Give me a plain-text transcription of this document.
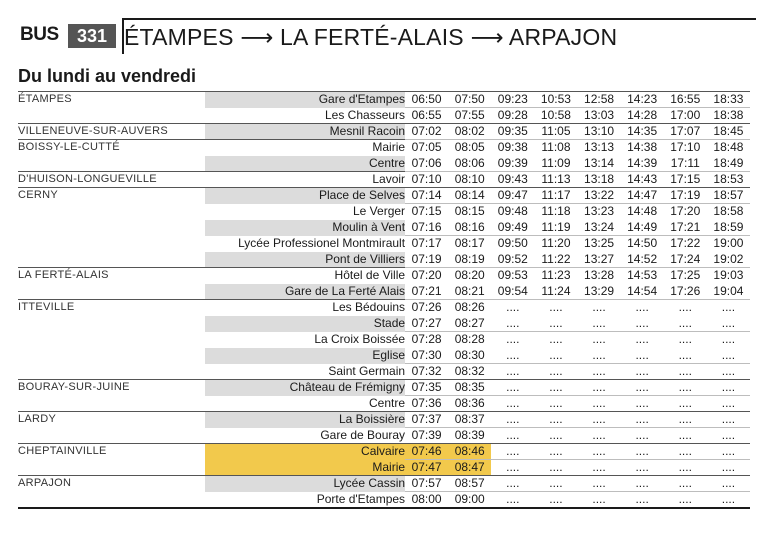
BUS	331 ÉTAMPES ⟶ LA FERTÉ-ALAIS ⟶ ARPAJON
Du lundi au vendredi
ÉTAMPES	Gare d'Etampes	06:50	07:50	09:23	10:53	12:58	14:23	16:55	18:33
	Les Chasseurs	06:55	07:55	09:28	10:58	13:03	14:28	17:00	18:38
VILLENEUVE-SUR-AUVERS	Mesnil Racoin	07:02	08:02	09:35	11:05	13:10	14:35	17:07	18:45
BOISSY-LE-CUTTÉ	Mairie	07:05	08:05	09:38	11:08	13:13	14:38	17:10	18:48
	Centre	07:06	08:06	09:39	11:09	13:14	14:39	17:11	18:49
D'HUISON-LONGUEVILLE	Lavoir	07:10	08:10	09:43	11:13	13:18	14:43	17:15	18:53
CERNY	Place de Selves	07:14	08:14	09:47	11:17	13:22	14:47	17:19	18:57
	Le Verger	07:15	08:15	09:48	11:18	13:23	14:48	17:20	18:58
	Moulin à Vent	07:16	08:16	09:49	11:19	13:24	14:49	17:21	18:59
	Lycée Professionel Montmirault	07:17	08:17	09:50	11:20	13:25	14:50	17:22	19:00
	Pont de Villiers	07:19	08:19	09:52	11:22	13:27	14:52	17:24	19:02
LA FERTÉ-ALAIS	Hôtel de Ville	07:20	08:20	09:53	11:23	13:28	14:53	17:25	19:03
	Gare de La Ferté Alais	07:21	08:21	09:54	11:24	13:29	14:54	17:26	19:04
ITTEVILLE	Les Bédouins	07:26	08:26	....	....	....	....	....	....
	Stade	07:27	08:27	....	....	....	....	....	....
	La Croix Boissée	07:28	08:28	....	....	....	....	....	....
	Eglise	07:30	08:30	....	....	....	....	....	....
	Saint Germain	07:32	08:32	....	....	....	....	....	....
BOURAY-SUR-JUINE	Château de Frémigny	07:35	08:35	....	....	....	....	....	....
	Centre	07:36	08:36	....	....	....	....	....	....
LARDY	La Boissière	07:37	08:37	....	....	....	....	....	....
	Gare de Bouray	07:39	08:39	....	....	....	....	....	....
CHEPTAINVILLE	Calvaire	07:46	08:46	....	....	....	....	....	....
	Mairie	07:47	08:47	....	....	....	....	....	....
ARPAJON	Lycée Cassin	07:57	08:57	....	....	....	....	....	....
	Porte d'Etampes	08:00	09:00	....	....	....	....	....	....
